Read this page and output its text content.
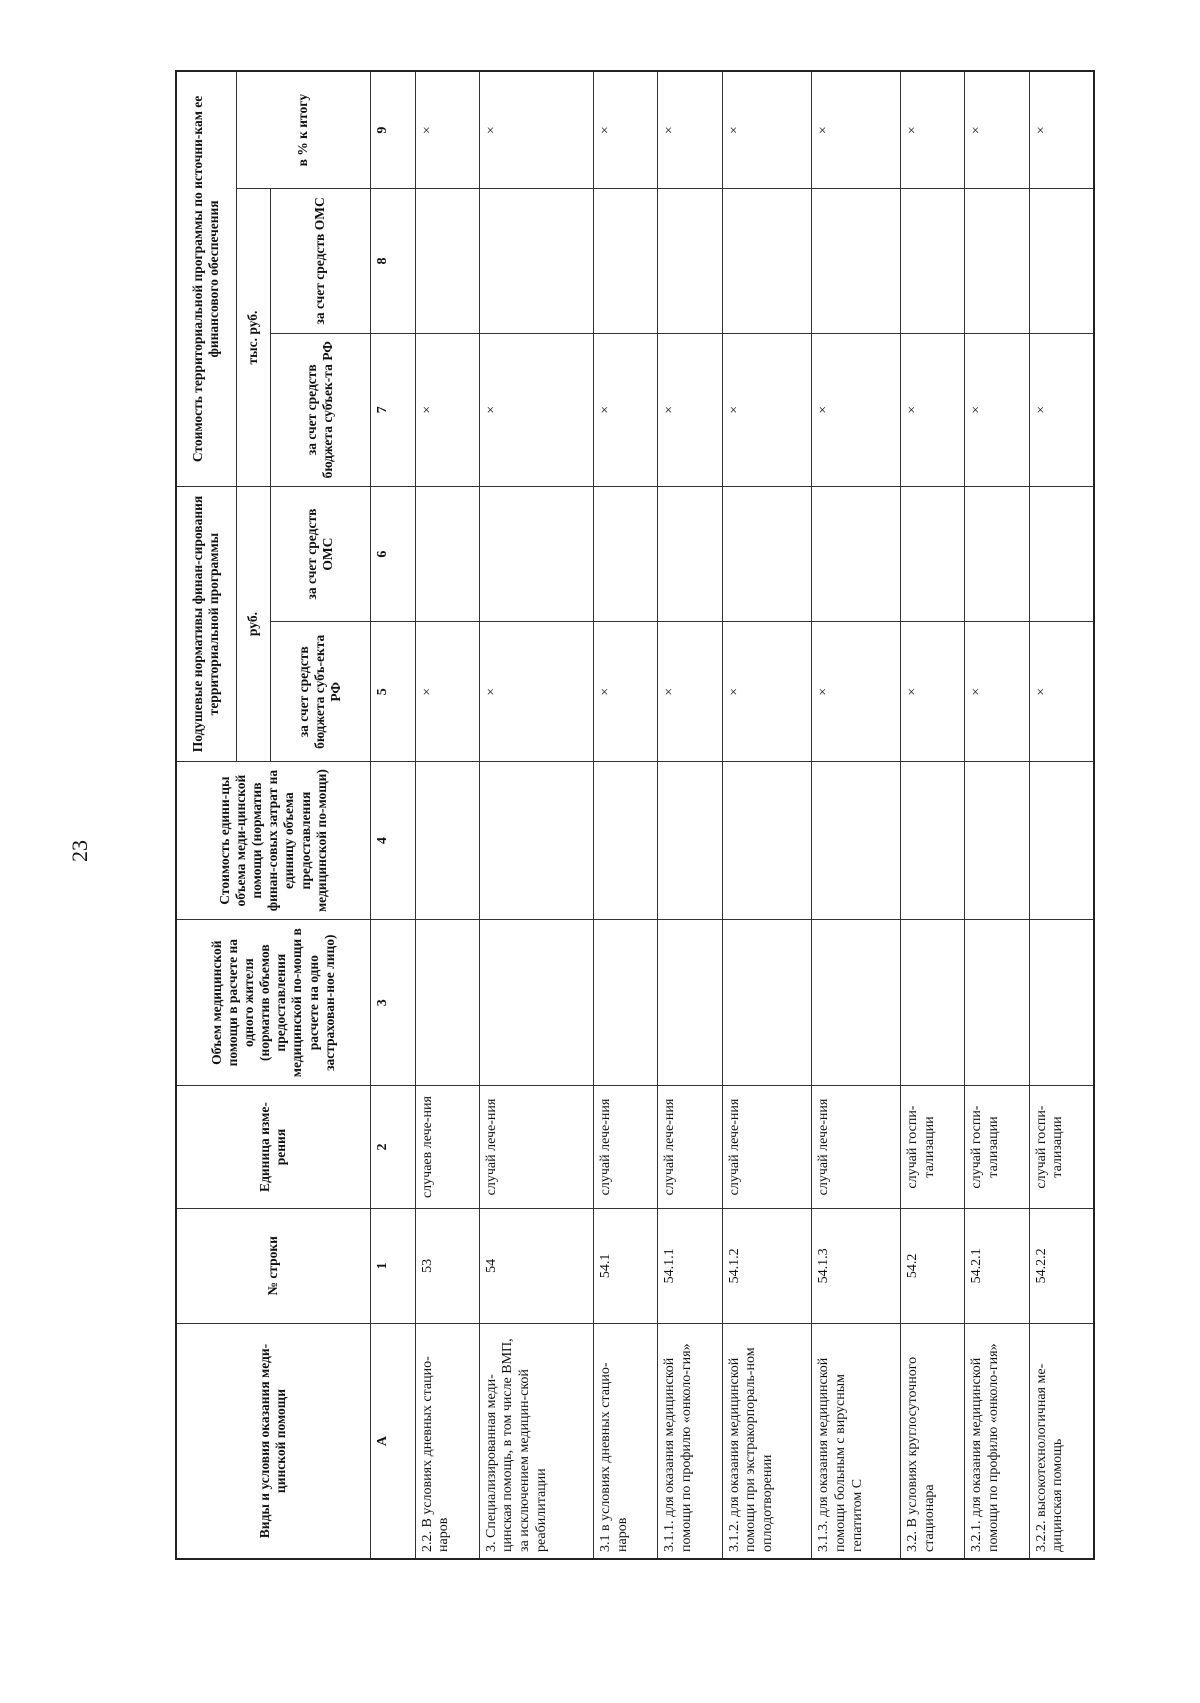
23
Виды и условия оказания меди-цинской помощи	№ строки	Единица изме-рения	Объем медицинской помощи в расчете на одного жителя (норматив объемов предоставления медицинской по-мощи в расчете на одно застрахован-ное лицо)	Стоимость едини-цы объема меди-цинской помощи (норматив финан-совых затрат на единицу объема предоставления медицинской по-мощи)	Подушевые нормативы финан-сирования территориальной программы		Стоимость территориальной программы по источни-кам ее финансового обеспечения		
					руб.		тыс. руб.		в % к итогу
					за счет средств бюджета субъ-екта РФ	за счет средств ОМС	за счет средств бюджета субъек-та РФ	за счет средств ОМС	
А	1	2	3	4	5	6	7	8	9
2.2. В условиях дневных стацио-наров	53	случаев лече-ния			×		×		×
3. Специализированная меди-цинская помощь, в том числе ВМП, за исключением медицин-ской реабилитации	54	случай лече-ния			×		×		×
3.1 в условиях дневных стацио-наров	54.1	случай лече-ния			×		×		×
3.1.1. для оказания медицинской помощи по профилю «онколо-гия»	54.1.1	случай лече-ния			×		×		×
3.1.2. для оказания медицинской помощи при экстракорпораль-ном оплодотворении	54.1.2	случай лече-ния			×		×		×
3.1.3. для оказания медицинской помощи больным с вирусным гепатитом С	54.1.3	случай лече-ния			×		×		×
3.2. В условиях круглосуточного стационара	54.2	случай госпи-тализации			×		×		×
3.2.1. для оказания медицинской помощи по профилю «онколо-гия»	54.2.1	случай госпи-тализации			×		×		×
3.2.2. высокотехнологичная ме-дицинская помощь	54.2.2	случай госпи-тализации			×		×		×
